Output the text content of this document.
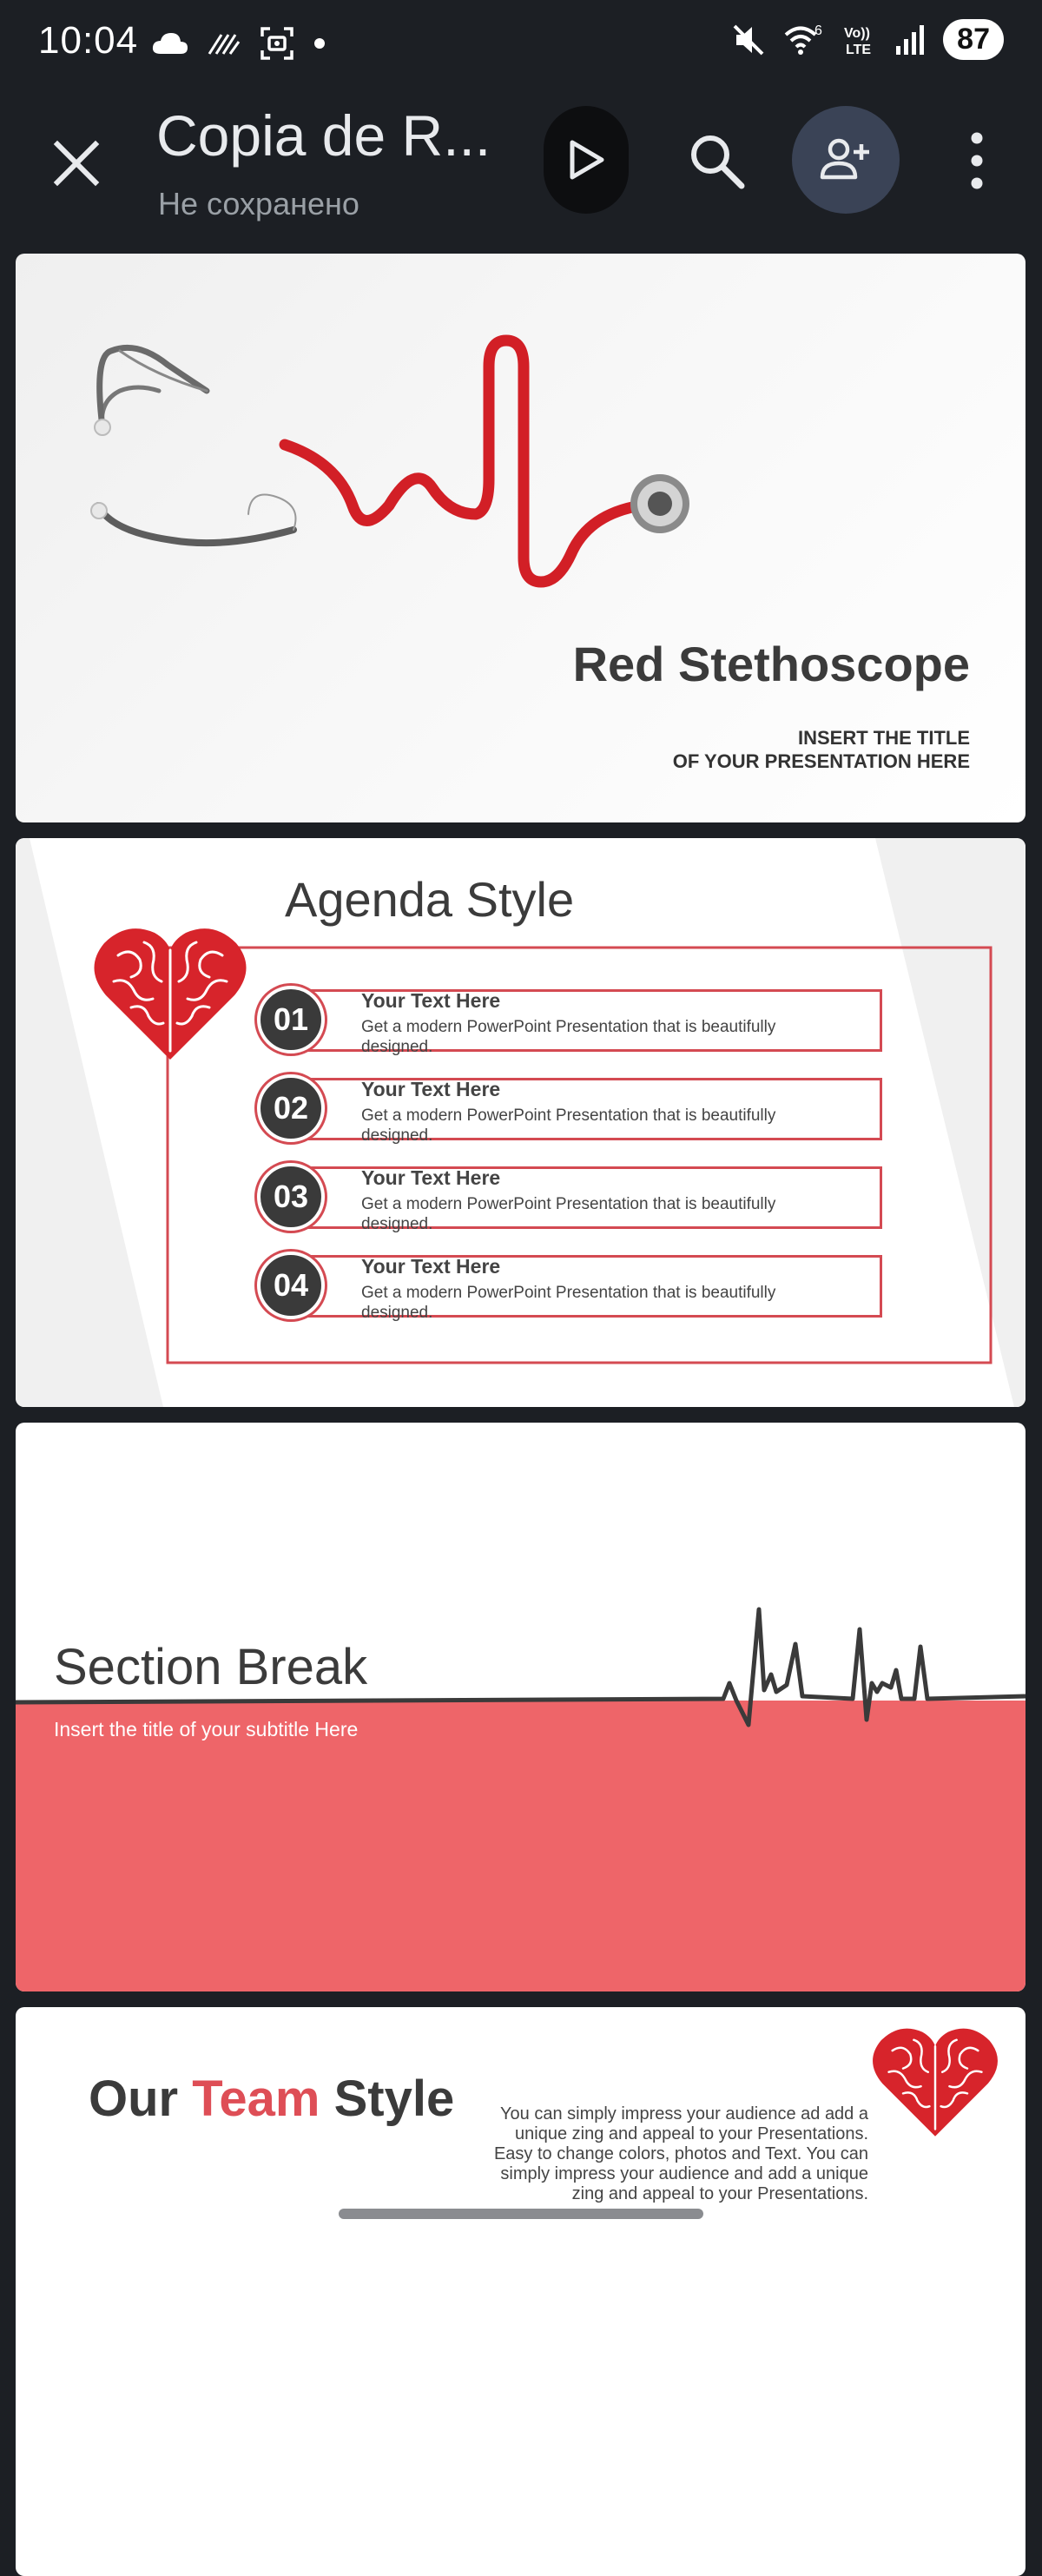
10:04	6 Vo))
LTE	87
Copia de R...
Не сохранено
Red Stethoscope
INSERT THE TITLE
OF YOUR PRESENTATION HERE
Agenda Style
01
Your Text Here
Get a modern PowerPoint Presentation that is beautifully designed.
02
Your Text Here
Get a modern PowerPoint Presentation that is beautifully designed.
03
Your Text Here
Get a modern PowerPoint Presentation that is beautifully designed.
04
Your Text Here
Get a modern PowerPoint Presentation that is beautifully designed.
Section Break
Insert the title of your subtitle Here
Our Team Style	You can simply impress your audience ad add a unique zing and appeal to your Presentations. Easy to change colors, photos and Text. You can simply impress your audience and add a unique zing and appeal to your Presentations.
